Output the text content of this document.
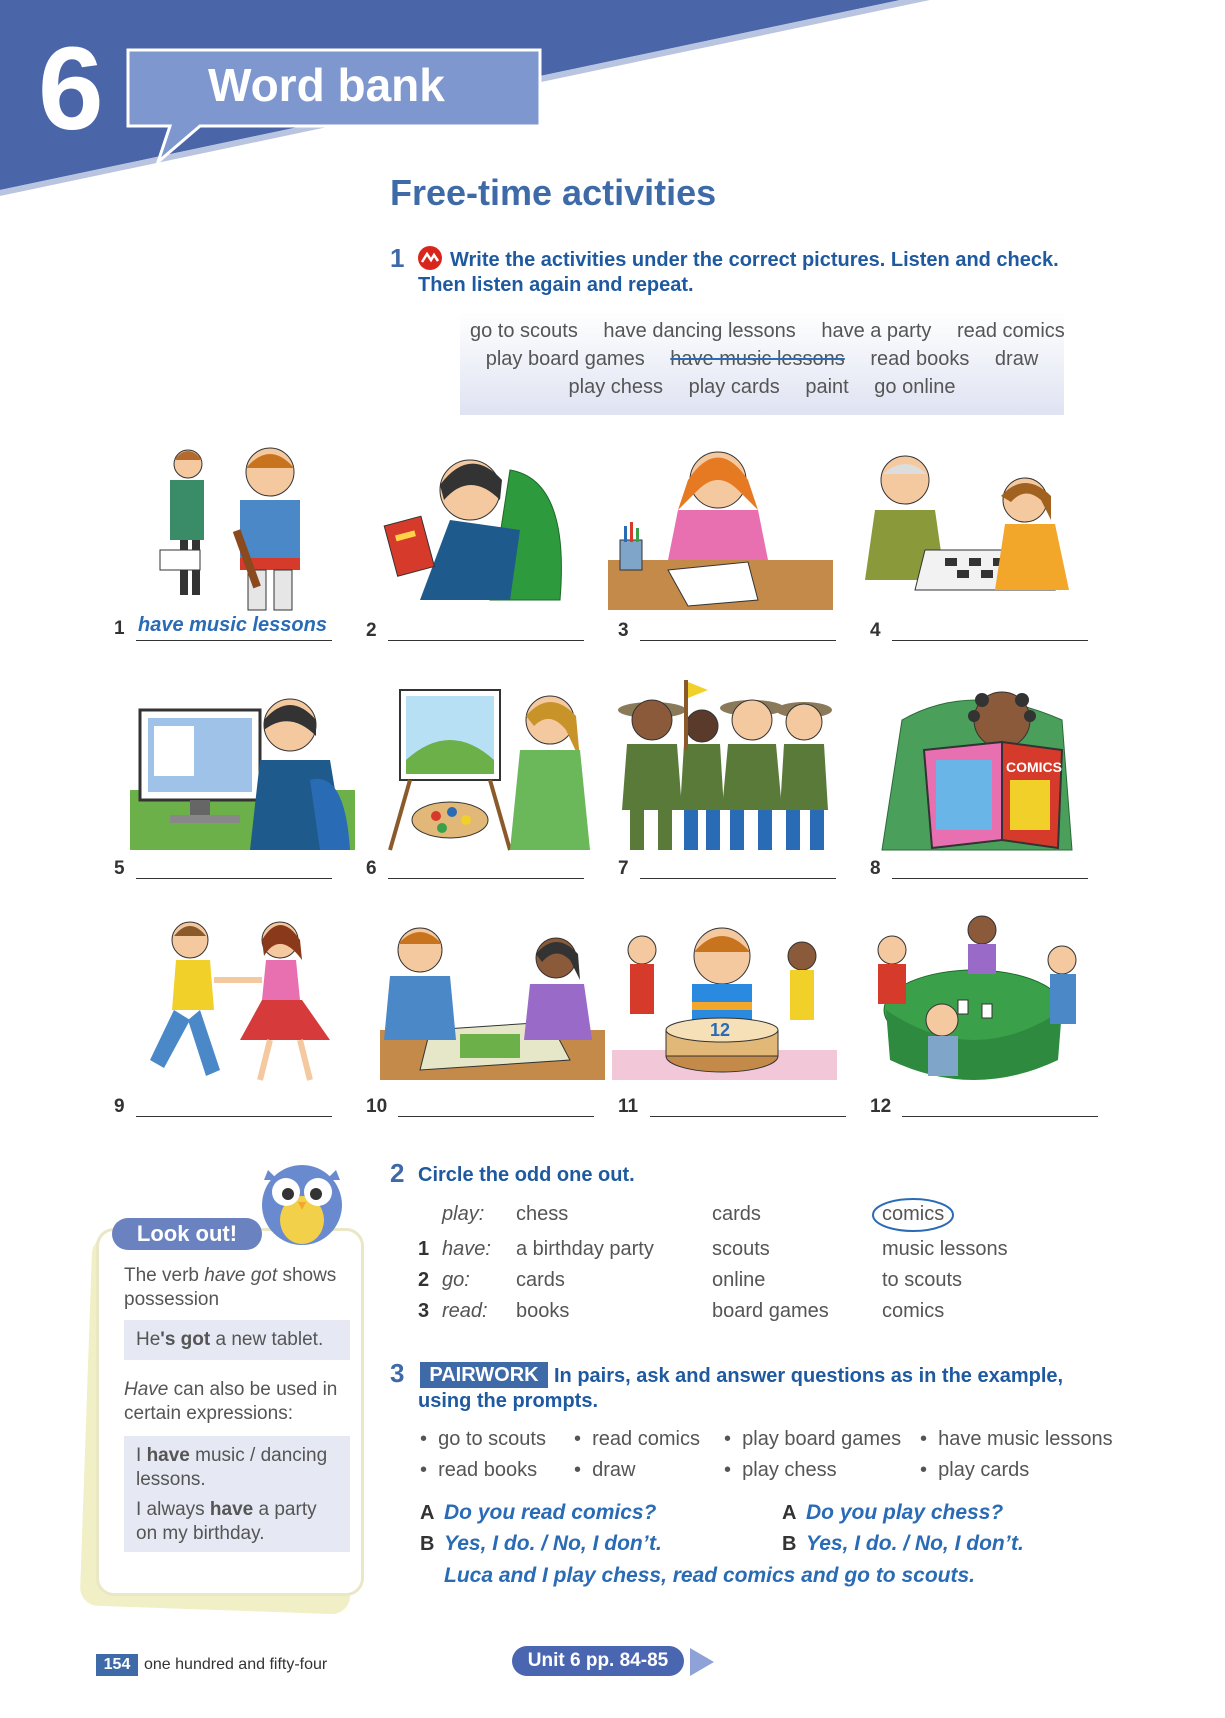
6 Word bank
Free-time activities
1 Write the activities under the correct pictures. Listen and check.
Then listen again and repeat.
go to scouts have dancing lessons have a party read comics
play board games have music lessons read books draw
play chess play cards paint go online
1 have music lessons 2	3	4
COMICS
5	6	7	8
12
9	10	11	12
Look out!
The verb have got shows possession
He's got a new tablet.
Have can also be used in certain expressions:
I have music / dancing lessons.
I always have a party on my birthday.
2 Circle the odd one out.
play: chess	cards	comics
1 have: a birthday party	scouts	music lessons
2 go: cards	online	to scouts
3 read: books	board games	comics
3	PAIRWORK In pairs, ask and answer questions as in the example,
using the prompts.
•  go to scouts •  read comics •  play board games •  have music lessons
•  read books •  draw	•  play chess	•  play cards
A Do you read comics?
B Yes, I do. / No, I don’t.
Luca and I play chess, read comics and go to scouts.
A Do you play chess?
B Yes, I do. / No, I don’t.
154 one hundred and fifty-four	Unit 6 pp. 84-85
